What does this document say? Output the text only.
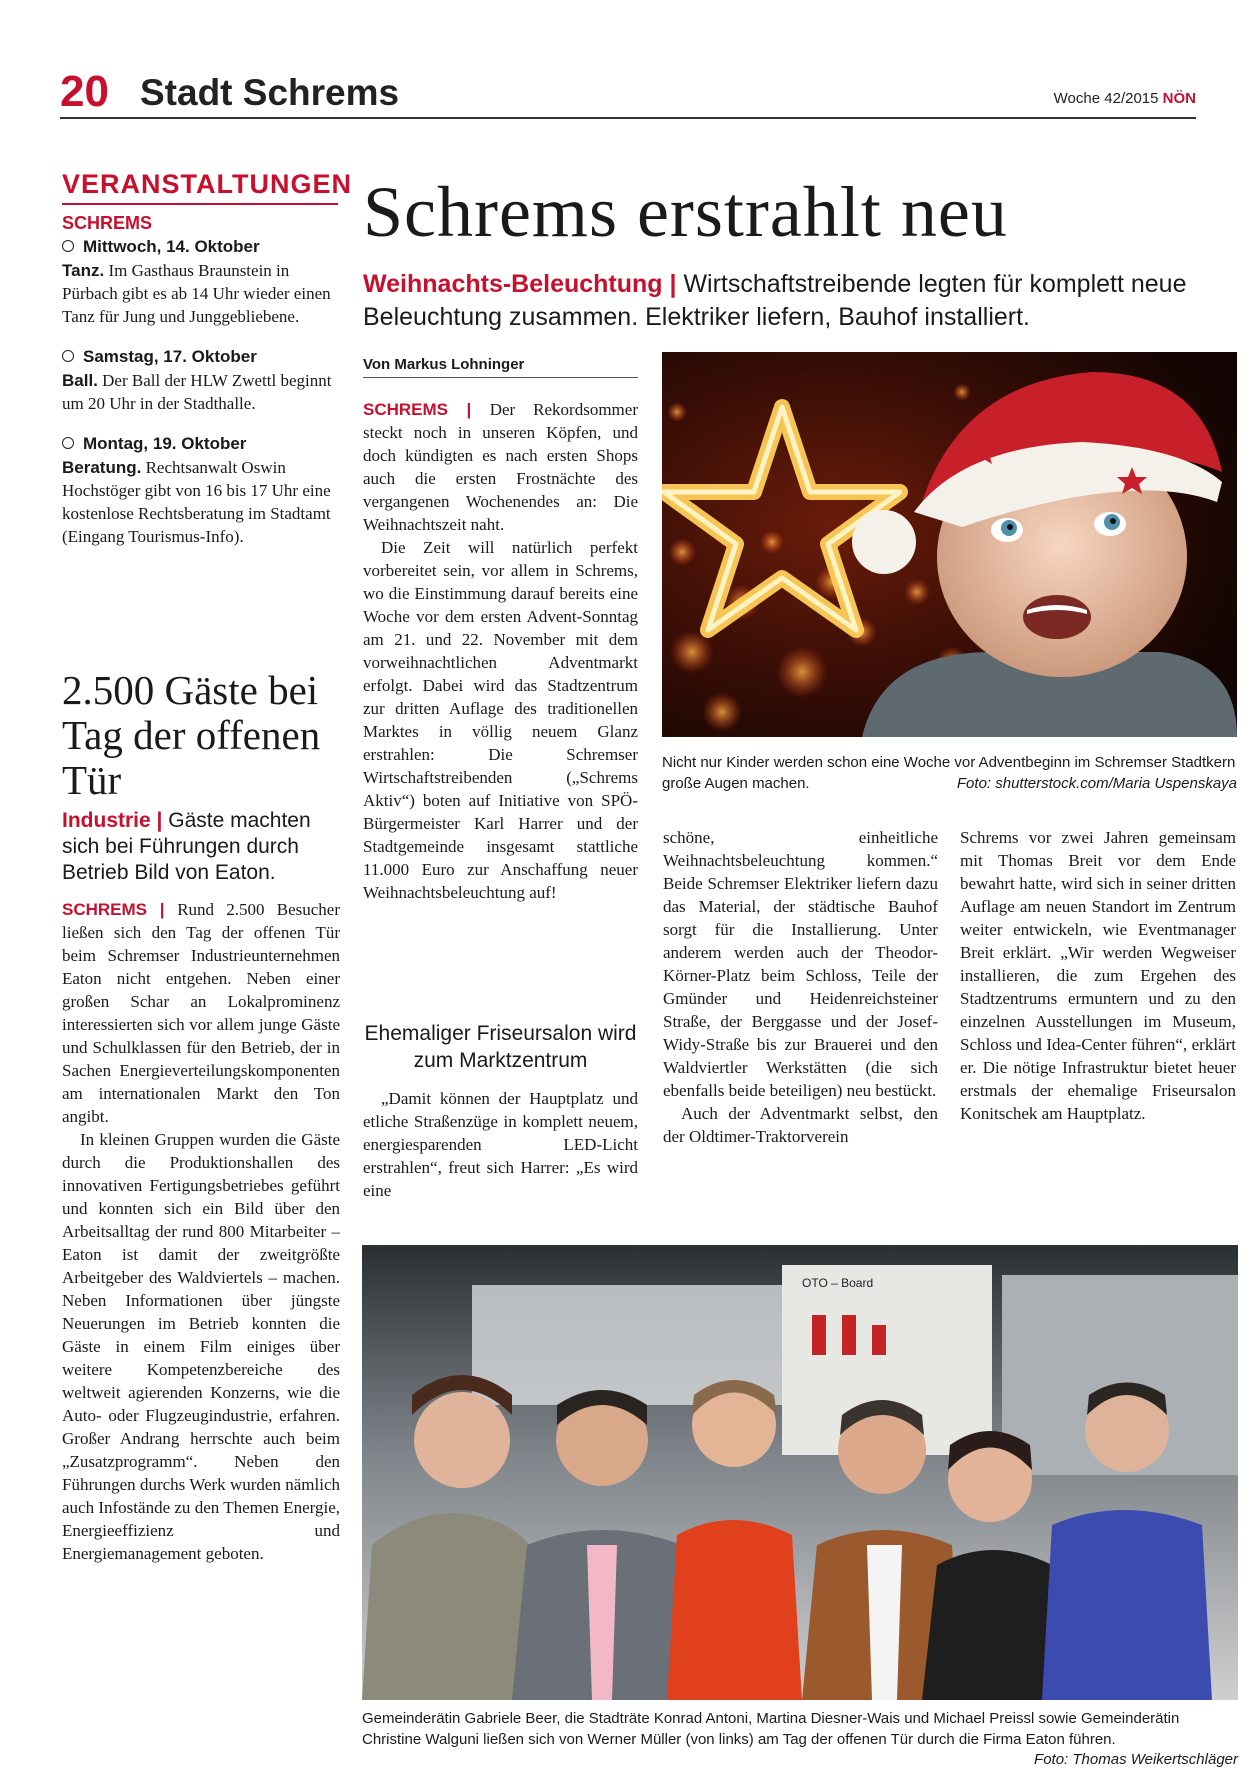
20 Stadt Schrems	Woche 42/2015 NÖN
VERANSTALTUNGEN
SCHREMS
Mittwoch, 14. Oktober

Tanz. Im Gasthaus Braunstein in Pürbach gibt es ab 14 Uhr wieder einen Tanz für Jung und Junggebliebene.

Samstag, 17. Oktober

Ball. Der Ball der HLW Zwettl beginnt um 20 Uhr in der Stadthalle.

Montag, 19. Oktober

Beratung. Rechtsanwalt Oswin Hochstöger gibt von 16 bis 17 Uhr eine kostenlose Rechtsberatung im Stadtamt (Eingang Tourismus-Info).

2.500 Gäste bei Tag der offenen Tür
Industrie | Gäste machten sich bei Führungen durch Betrieb Bild von Eaton.

SCHREMS | Rund 2.500 Besucher ließen sich den Tag der offenen Tür beim Schremser Industrieunternehmen Eaton nicht entgehen. Neben einer großen Schar an Lokalprominenz interessierten sich vor allem junge Gäste und Schulklassen für den Betrieb, der in Sachen Energieverteilungskomponenten am internationalen Markt den Ton angibt.

In kleinen Gruppen wurden die Gäste durch die Produktionshallen des innovativen Fertigungsbetriebes geführt und konnten sich ein Bild über den Arbeitsalltag der rund 800 Mitarbeiter – Eaton ist damit der zweitgrößte Arbeitgeber des Waldviertels – machen. Neben Informationen über jüngste Neuerungen im Betrieb konnten die Gäste in einem Film einiges über weitere Kompetenzbereiche des weltweit agierenden Konzerns, wie die Auto- oder Flugzeugindustrie, erfahren. Großer Andrang herrschte auch beim „Zusatzprogramm“. Neben den Führungen durchs Werk wurden nämlich auch Infostände zu den Themen Energie, Energieeffizienz und Energiemanagement geboten.

Schrems erstrahlt neu
Weihnachts-Beleuchtung | Wirtschaftstreibende legten für komplett neue Beleuchtung zusammen. Elektriker liefern, Bauhof installiert.
Von Markus Lohninger

SCHREMS | Der Rekordsommer steckt noch in unseren Köpfen, und doch kündigten es nach ersten Shops auch die ersten Frostnächte des vergangenen Wochenendes an: Die Weihnachtszeit naht.

Die Zeit will natürlich perfekt vorbereitet sein, vor allem in Schrems, wo die Einstimmung darauf bereits eine Woche vor dem ersten Advent-Sonntag am 21. und 22. November mit dem vorweihnachtlichen Adventmarkt erfolgt. Dabei wird das Stadtzentrum zur dritten Auflage des traditionellen Marktes in völlig neuem Glanz erstrahlen: Die Schremser Wirtschaftstreibenden („Schrems Aktiv“) boten auf Initiative von SPÖ-Bürgermeister Karl Harrer und der Stadtgemeinde insgesamt stattliche 11.000 Euro zur Anschaffung neuer Weihnachtsbeleuchtung auf!

Ehemaliger Friseursalon wird zum Marktzentrum

„Damit können der Hauptplatz und etliche Straßenzüge in komplett neuem, energiesparenden LED-Licht erstrahlen“, freut sich Harrer: „Es wird eine

schöne, einheitliche Weihnachtsbeleuchtung kommen.“ Beide Schremser Elektriker liefern dazu das Material, der städtische Bauhof sorgt für die Installierung. Unter anderem werden auch der Theodor-Körner-Platz beim Schloss, Teile der Gmünder und Heidenreichsteiner Straße, der Berggasse und der Josef-Widy-Straße bis zur Brauerei und den Waldviertler Werkstätten (die sich ebenfalls beide beteiligen) neu bestückt.

Auch der Adventmarkt selbst, den der Oldtimer-Traktorverein

Schrems vor zwei Jahren gemeinsam mit Thomas Breit vor dem Ende bewahrt hatte, wird sich in seiner dritten Auflage am neuen Standort im Zentrum weiter entwickeln, wie Eventmanager Breit erklärt. „Wir werden Wegweiser installieren, die zum Ergehen des Stadtzentrums ermuntern und zu den einzelnen Ausstellungen im Museum, Schloss und Idea-Center führen“, erklärt er. Die nötige Infrastruktur bietet heuer erstmals der ehemalige Friseursalon Konitschek am Hauptplatz.

Nicht nur Kinder werden schon eine Woche vor Adventbeginn im Schremser Stadtkern große Augen machen.	Foto: shutterstock.com/Maria Uspenskaya
OTO – Board
Gemeinderätin Gabriele Beer, die Stadträte Konrad Antoni, Martina Diesner-Wais und Michael Preissl sowie Gemeinderätin Christine Walguni ließen sich von Werner Müller (von links) am Tag der offenen Tür durch die Firma Eaton führen.
Foto: Thomas Weikertschläger
